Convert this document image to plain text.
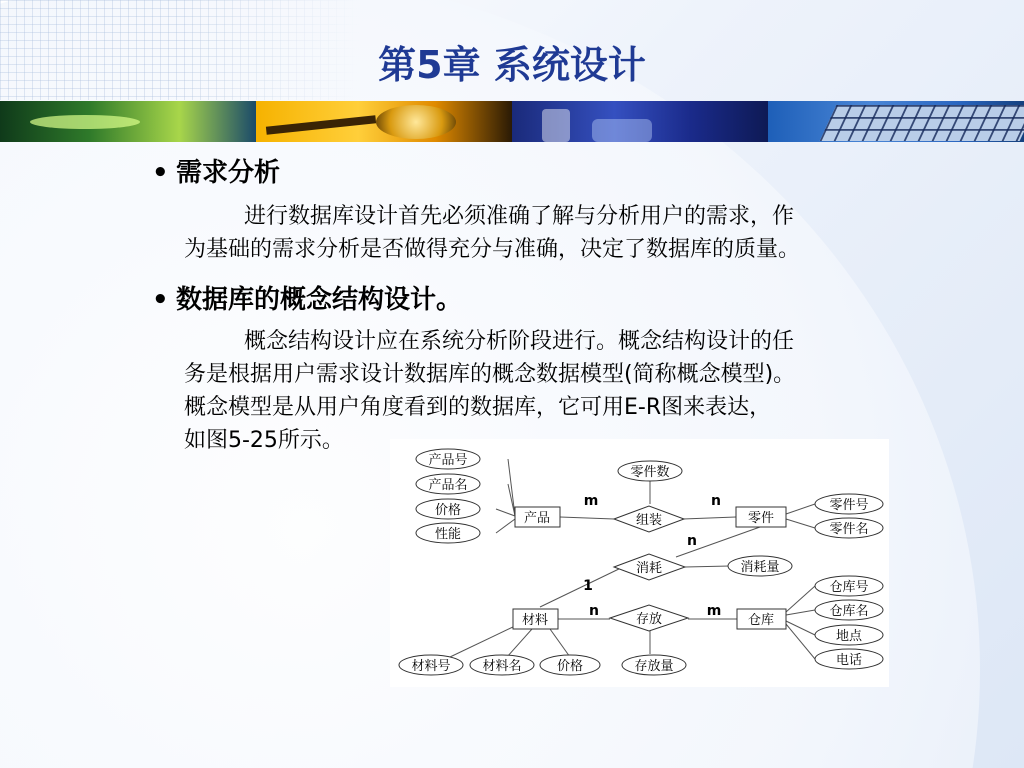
第5章 系统设计
• 需求分析
进行数据库设计首先必须准确了解与分析用户的需求，作
为基础的需求分析是否做得充分与准确，决定了数据库的质量。
• 数据库的概念结构设计。
概念结构设计应在系统分析阶段进行。概念结构设计的任
务是根据用户需求设计数据库的概念数据模型(简称概念模型)。
概念模型是从用户角度看到的数据库，它可用E-R图来表达，
如图5-25所示。
产品	零件
材料	仓库
组装
消耗
存放
产品号
产品名
价格
性能
零件数
零件号
零件名
消耗量
仓库号
仓库名
地点
电话
材料号 材料名	价格	存放量
m	n
n
1
n	m
